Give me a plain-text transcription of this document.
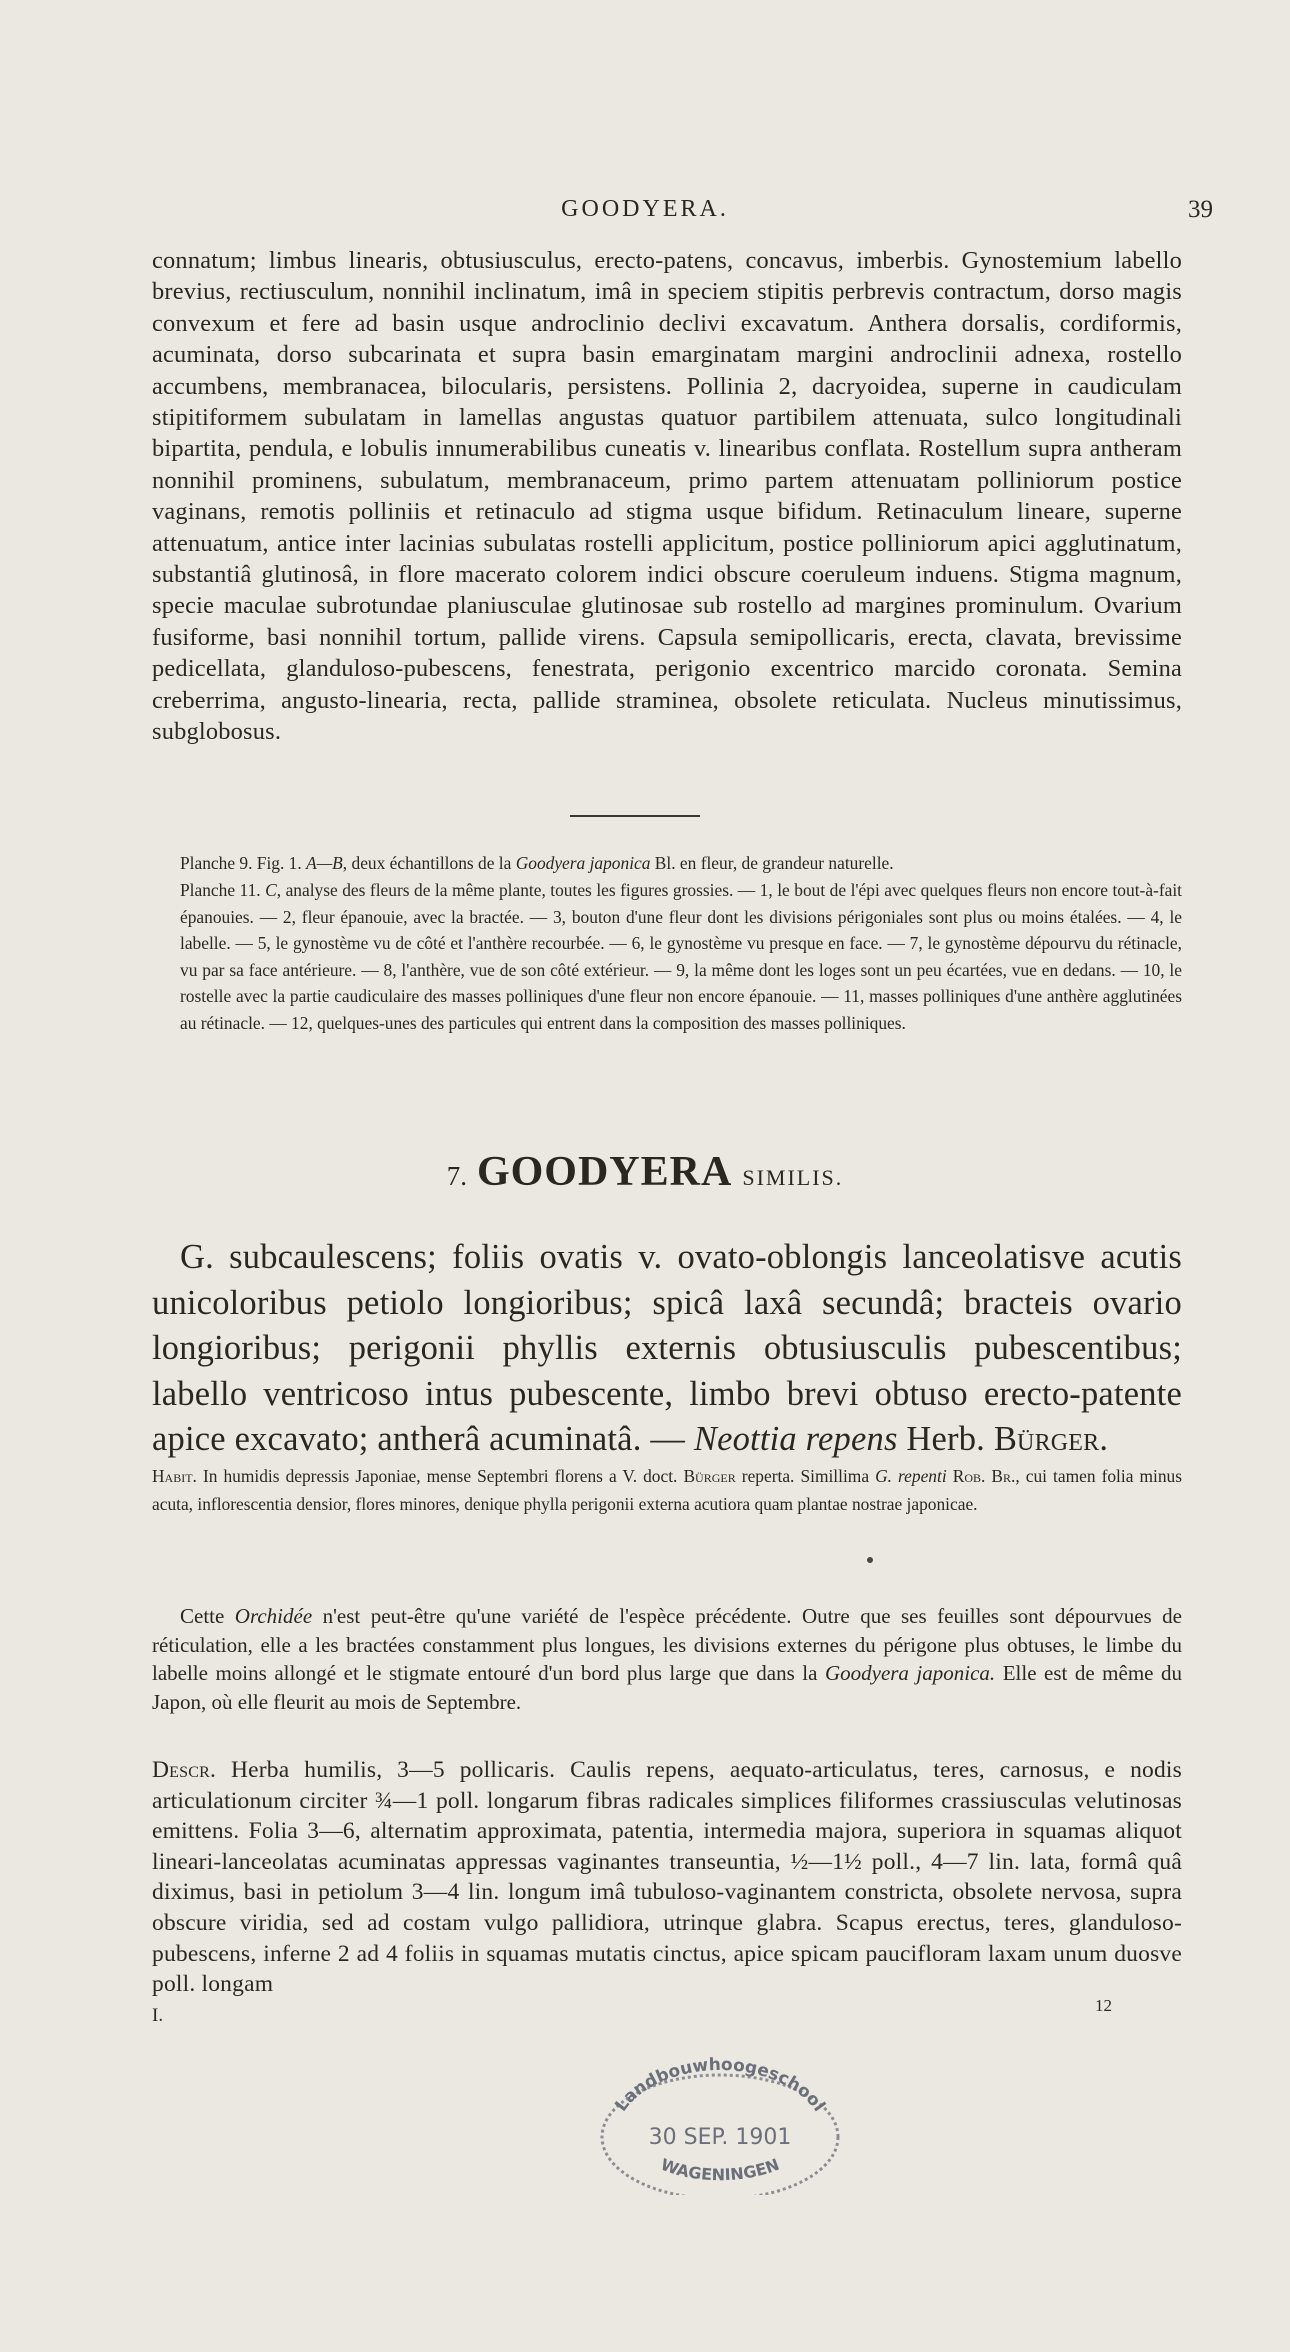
GOODYERA.	39
connatum; limbus linearis, obtusiusculus, erecto-patens, concavus, imberbis. Gynostemium labello brevius, rectiusculum, nonnihil inclinatum, imâ in speciem stipitis perbrevis contractum, dorso magis convexum et fere ad basin usque androclinio declivi excavatum. Anthera dorsalis, cordiformis, acuminata, dorso subcarinata et supra basin emarginatam margini androclinii adnexa, rostello accumbens, membranacea, bilocularis, persistens. Pollinia 2, dacryoidea, superne in caudiculam stipitiformem subulatam in lamellas angustas quatuor partibilem attenuata, sulco longitudinali bipartita, pendula, e lobulis innumerabilibus cuneatis v. linearibus conflata. Rostellum supra antheram nonnihil prominens, subulatum, membranaceum, primo partem attenuatam polliniorum postice vaginans, remotis polliniis et retinaculo ad stigma usque bifidum. Retinaculum lineare, superne attenuatum, antice inter lacinias subulatas rostelli applicitum, postice polliniorum apici agglutinatum, substantiâ glutinosâ, in flore macerato colorem indici obscure coeruleum induens. Stigma magnum, specie maculae subrotundae planiusculae glutinosae sub rostello ad margines prominulum. Ovarium fusiforme, basi nonnihil tortum, pallide virens. Capsula semipollicaris, erecta, clavata, brevissime pedicellata, glanduloso-pubescens, fenestrata, perigonio excentrico marcido coronata. Semina creberrima, angusto-linearia, recta, pallide straminea, obsolete reticulata. Nucleus minutissimus, subglobosus.
Planche 9. Fig. 1. A—B, deux échantillons de la Goodyera japonica Bl. en fleur, de grandeur naturelle.
Planche 11. C, analyse des fleurs de la même plante, toutes les figures grossies. — 1, le bout de l'épi avec quelques fleurs non encore tout-à-fait épanouies. — 2, fleur épanouie, avec la bractée. — 3, bouton d'une fleur dont les divisions périgoniales sont plus ou moins étalées. — 4, le labelle. — 5, le gynostème vu de côté et l'anthère recourbée. — 6, le gynostème vu presque en face. — 7, le gynostème dépourvu du rétinacle, vu par sa face antérieure. — 8, l'anthère, vue de son côté extérieur. — 9, la même dont les loges sont un peu écartées, vue en dedans. — 10, le rostelle avec la partie caudiculaire des masses polliniques d'une fleur non encore épanouie. — 11, masses polliniques d'une anthère agglutinées au rétinacle. — 12, quelques-unes des particules qui entrent dans la composition des masses polliniques.
7. GOODYERA SIMILIS.
G. subcaulescens; foliis ovatis v. ovato-oblongis lanceolatisve acutis unicoloribus petiolo longioribus; spicâ laxâ secundâ; bracteis ovario longioribus; perigonii phyllis externis obtusiusculis pubescentibus; labello ventricoso intus pubescente, limbo brevi obtuso erecto-patente apice excavato; antherâ acuminatâ. — Neottia repens Herb. Bürger.
Habit. In humidis depressis Japoniae, mense Septembri florens a V. doct. Bürger reperta. Simillima G. repenti Rob. Br., cui tamen folia minus acuta, inflorescentia densior, flores minores, denique phylla perigonii externa acutiora quam plantae nostrae japonicae.
Cette Orchidée n'est peut-être qu'une variété de l'espèce précédente. Outre que ses feuilles sont dépourvues de réticulation, elle a les bractées constamment plus longues, les divisions externes du périgone plus obtuses, le limbe du labelle moins allongé et le stigmate entouré d'un bord plus large que dans la Goodyera japonica. Elle est de même du Japon, où elle fleurit au mois de Septembre.
Descr. Herba humilis, 3—5 pollicaris. Caulis repens, aequato-articulatus, teres, carnosus, e nodis articulationum circiter ¾—1 poll. longarum fibras radicales simplices filiformes crassiusculas velutinosas emittens. Folia 3—6, alternatim approximata, patentia, intermedia majora, superiora in squamas aliquot lineari-lanceolatas acuminatas appressas vaginantes transeuntia, ½—1½ poll., 4—7 lin. lata, formâ quâ diximus, basi in petiolum 3—4 lin. longum imâ tubuloso-vaginantem constricta, obsolete nervosa, supra obscure viridia, sed ad costam vulgo pallidiora, utrinque glabra. Scapus erectus, teres, glanduloso-pubescens, inferne 2 ad 4 foliis in squamas mutatis cinctus, apice spicam paucifloram laxam unum duosve poll. longam
I.	12
Landbouwhoogeschool
30 SEP. 1901
WAGENINGEN
